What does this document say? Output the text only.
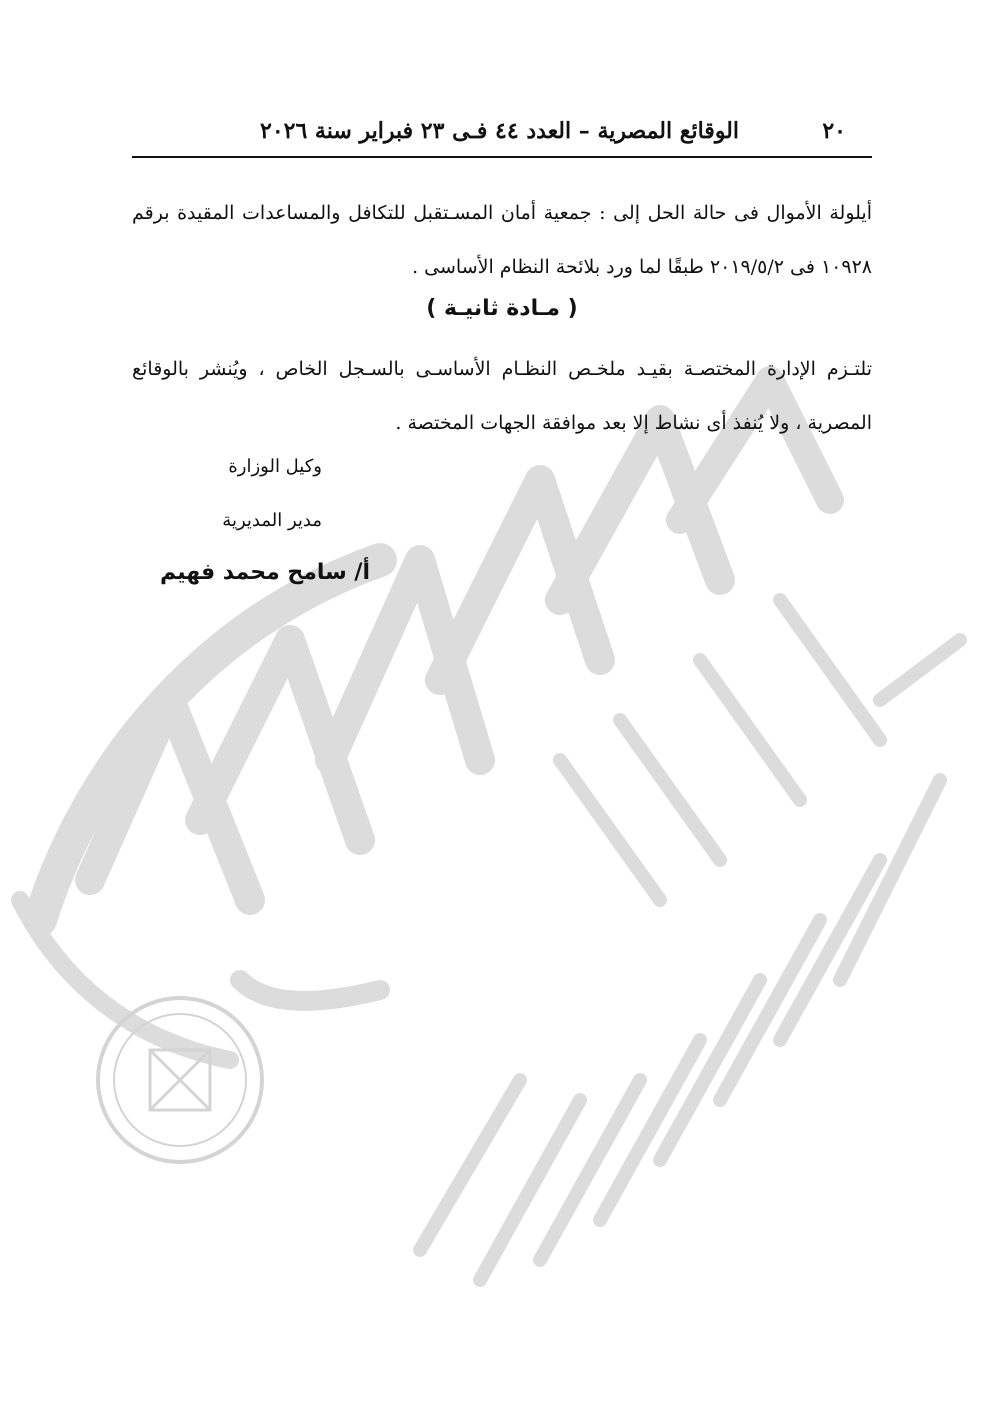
٢٠
الوقائع المصرية – العدد ٤٤ فـى ٢٣ فبراير سنة ٢٠٢٦
أيلولة الأموال فى حالة الحل إلى : جمعية أمان المسـتقبل للتكافل والمساعدات المقيدة برقم ١٠٩٢٨ فى ٢٠١٩/٥/٢ طبقًا لما ورد بلائحة النظام الأساسى .
( مـادة ثانيـة )
تلتـزم الإدارة المختصـة بقيـد ملخـص النظـام الأساسـى بالسـجل الخاص ، ويُنشر بالوقائع المصرية ، ولا يُنفذ أى نشاط إلا بعد موافقة الجهات المختصة .
وكيل الوزارة
مدير المديرية
أ/ سامح محمد فهيم
